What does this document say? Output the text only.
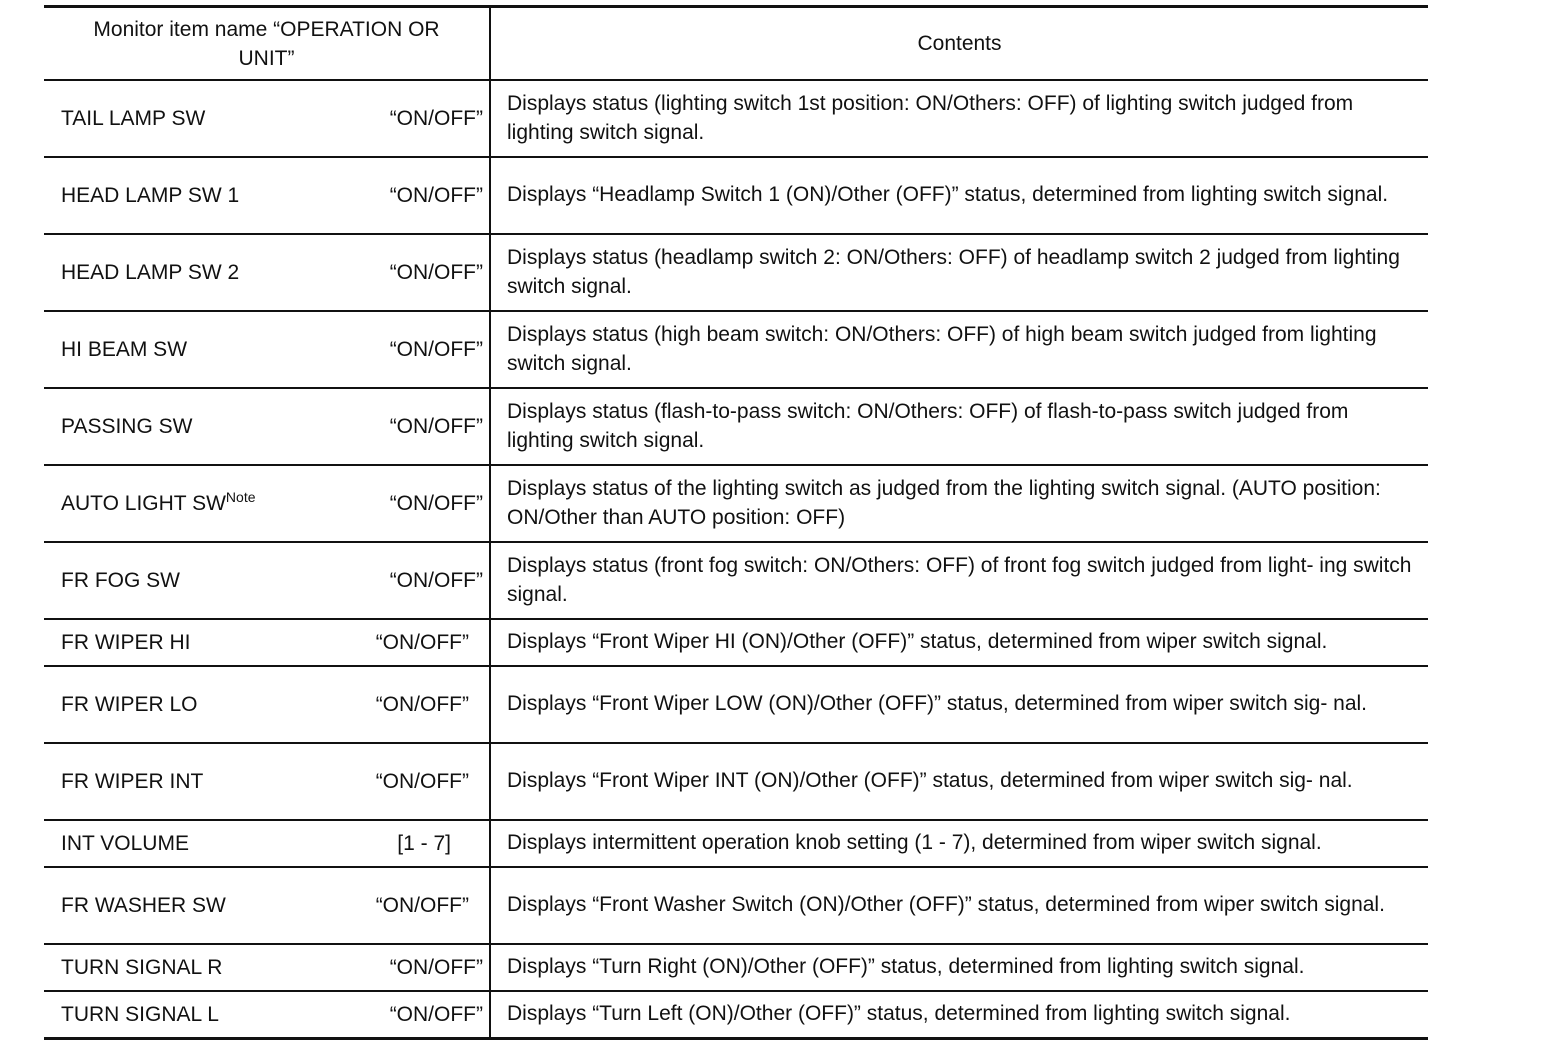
Monitor item name “OPERATION OR UNIT”	Contents

TAIL LAMP SW “ON/OFF”	Displays status (lighting switch 1st position: ON/Others: OFF) of lighting switch judged from lighting switch signal.

HEAD LAMP SW 1 “ON/OFF”	Displays “Headlamp Switch 1 (ON)/Other (OFF)” status, determined from lighting switch signal.

HEAD LAMP SW 2 “ON/OFF”	Displays status (headlamp switch 2: ON/Others: OFF) of headlamp switch 2 judged from lighting switch signal.

HI BEAM SW “ON/OFF”	Displays status (high beam switch: ON/Others: OFF) of high beam switch judged from lighting switch signal.

PASSING SW “ON/OFF”	Displays status (flash-to-pass switch: ON/Others: OFF) of flash-to-pass switch judged from lighting switch signal.

AUTO LIGHT $SW^{Note}$ “ON/OFF”	Displays status of the lighting switch as judged from the lighting switch signal. (AUTO position: ON/Other than AUTO position: OFF)

FR FOG SW “ON/OFF”	Displays status (front fog switch: ON/Others: OFF) of front fog switch judged from light- ing switch signal.

FR WIPER HI “ON/OFF”	Displays “Front Wiper HI (ON)/Other (OFF)” status, determined from wiper switch signal.

FR WIPER LO “ON/OFF”	Displays “Front Wiper LOW (ON)/Other (OFF)” status, determined from wiper switch sig- nal.

FR WIPER INT “ON/OFF”	Displays “Front Wiper INT (ON)/Other (OFF)” status, determined from wiper switch sig- nal.

INT VOLUME [1 - 7]	Displays intermittent operation knob setting (1 - 7), determined from wiper switch signal.

FR WASHER SW “ON/OFF”	Displays “Front Washer Switch (ON)/Other (OFF)” status, determined from wiper switch signal.

TURN SIGNAL R “ON/OFF”	Displays “Turn Right (ON)/Other (OFF)” status, determined from lighting switch signal.

TURN SIGNAL L “ON/OFF”	Displays “Turn Left (ON)/Other (OFF)” status, determined from lighting switch signal.
